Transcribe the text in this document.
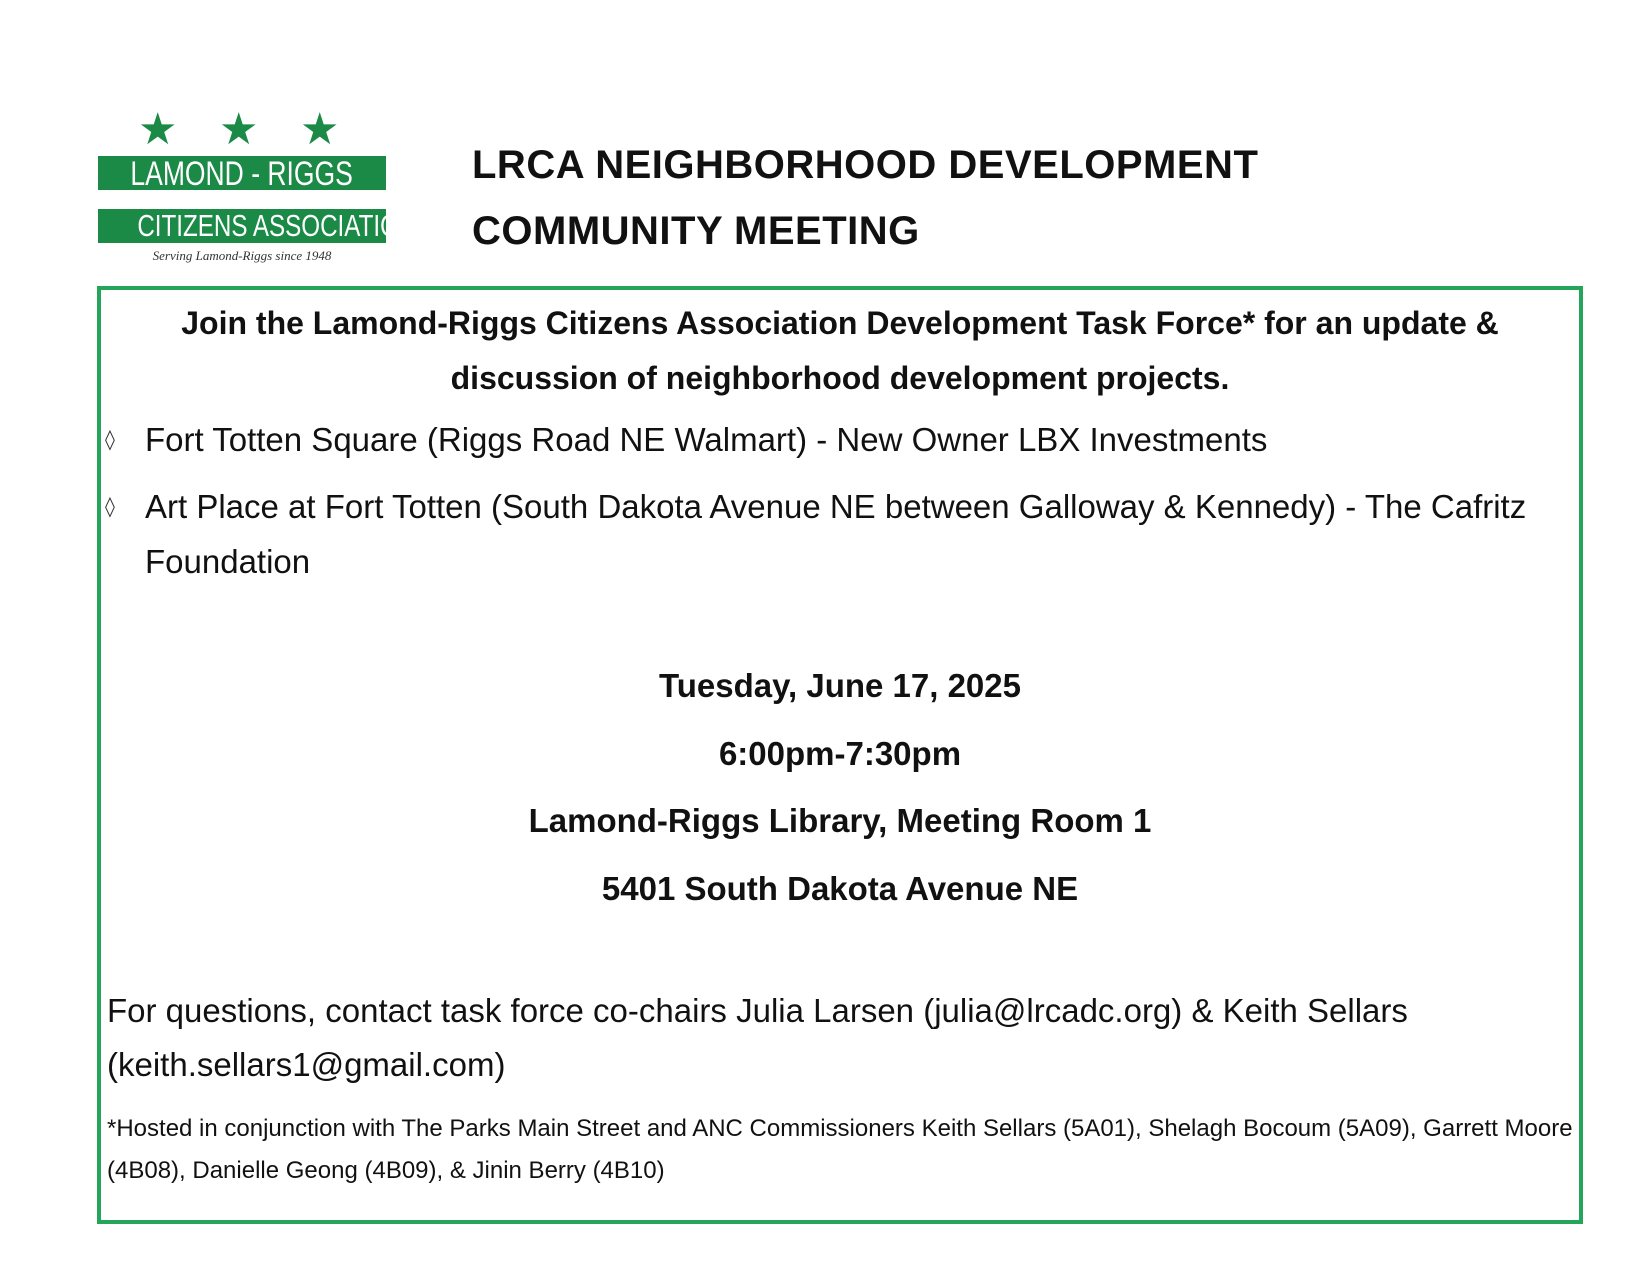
★ ★ ★
LAMOND - RIGGS
CITIZENS ASSOCIATION
Serving Lamond-Riggs since 1948
LRCA NEIGHBORHOOD DEVELOPMENT
COMMUNITY MEETING
Join the Lamond-Riggs Citizens Association Development Task Force* for an update & discussion of neighborhood development projects.
◊ Fort Totten Square (Riggs Road NE Walmart) - New Owner LBX Investments
◊ Art Place at Fort Totten (South Dakota Avenue NE between Galloway & Kennedy) - The Cafritz Foundation
Tuesday, June 17, 2025
6:00pm-7:30pm
Lamond-Riggs Library, Meeting Room 1
5401 South Dakota Avenue NE
For questions, contact task force co-chairs Julia Larsen (julia@lrcadc.org) & Keith Sellars (keith.sellars1@gmail.com)
*Hosted in conjunction with The Parks Main Street and ANC Commissioners Keith Sellars (5A01), Shelagh Bocoum (5A09), Garrett Moore (4B08), Danielle Geong (4B09), & Jinin Berry (4B10)
